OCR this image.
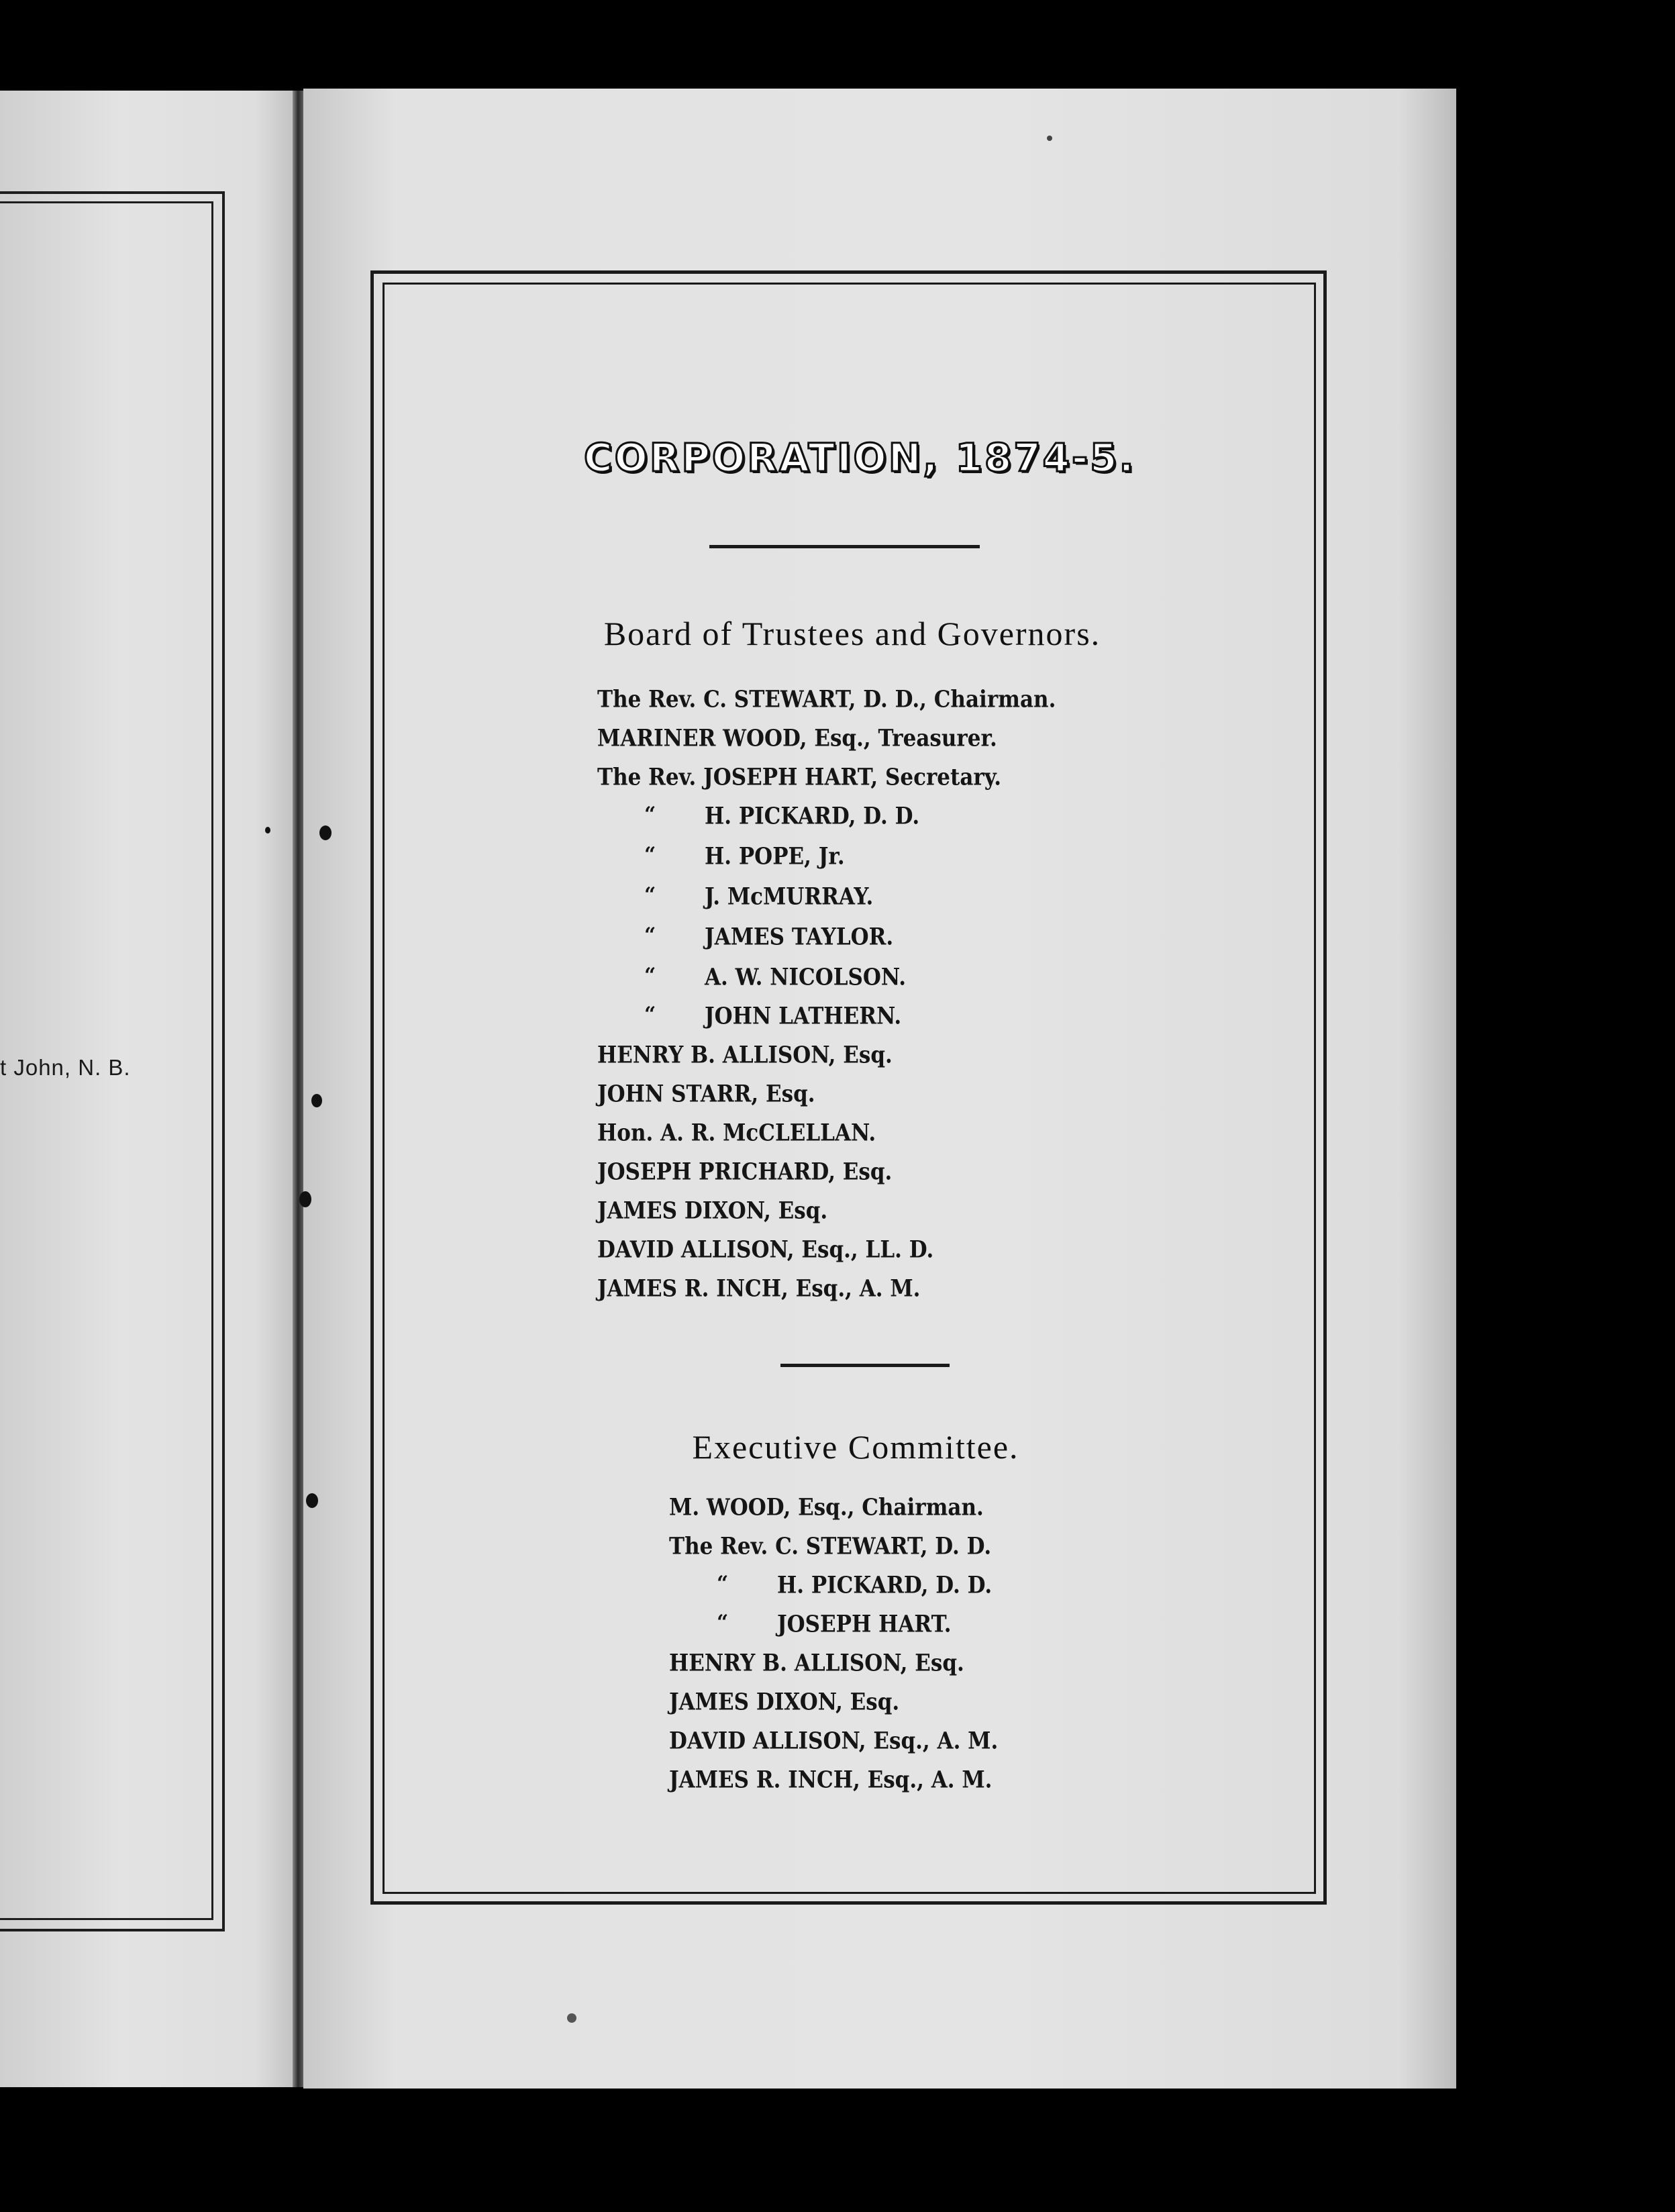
t John, N. B.
CORPORATION, 1874-5.
Board of Trustees and Governors.
The Rev. C. STEWART, D. D., Chairman.
MARINER WOOD, Esq., Treasurer.
The Rev. JOSEPH HART, Secretary.
“ H. PICKARD, D. D.
“ H. POPE, Jr.
“ J. McMURRAY.
“ JAMES TAYLOR.
“ A. W. NICOLSON.
“ JOHN LATHERN.
HENRY B. ALLISON, Esq.
JOHN STARR, Esq.
Hon. A. R. McCLELLAN.
JOSEPH PRICHARD, Esq.
JAMES DIXON, Esq.
DAVID ALLISON, Esq., LL. D.
JAMES R. INCH, Esq., A. M.
Executive Committee.
M. WOOD, Esq., Chairman.
The Rev. C. STEWART, D. D.
“ H. PICKARD, D. D.
“ JOSEPH HART.
HENRY B. ALLISON, Esq.
JAMES DIXON, Esq.
DAVID ALLISON, Esq., A. M.
JAMES R. INCH, Esq., A. M.
